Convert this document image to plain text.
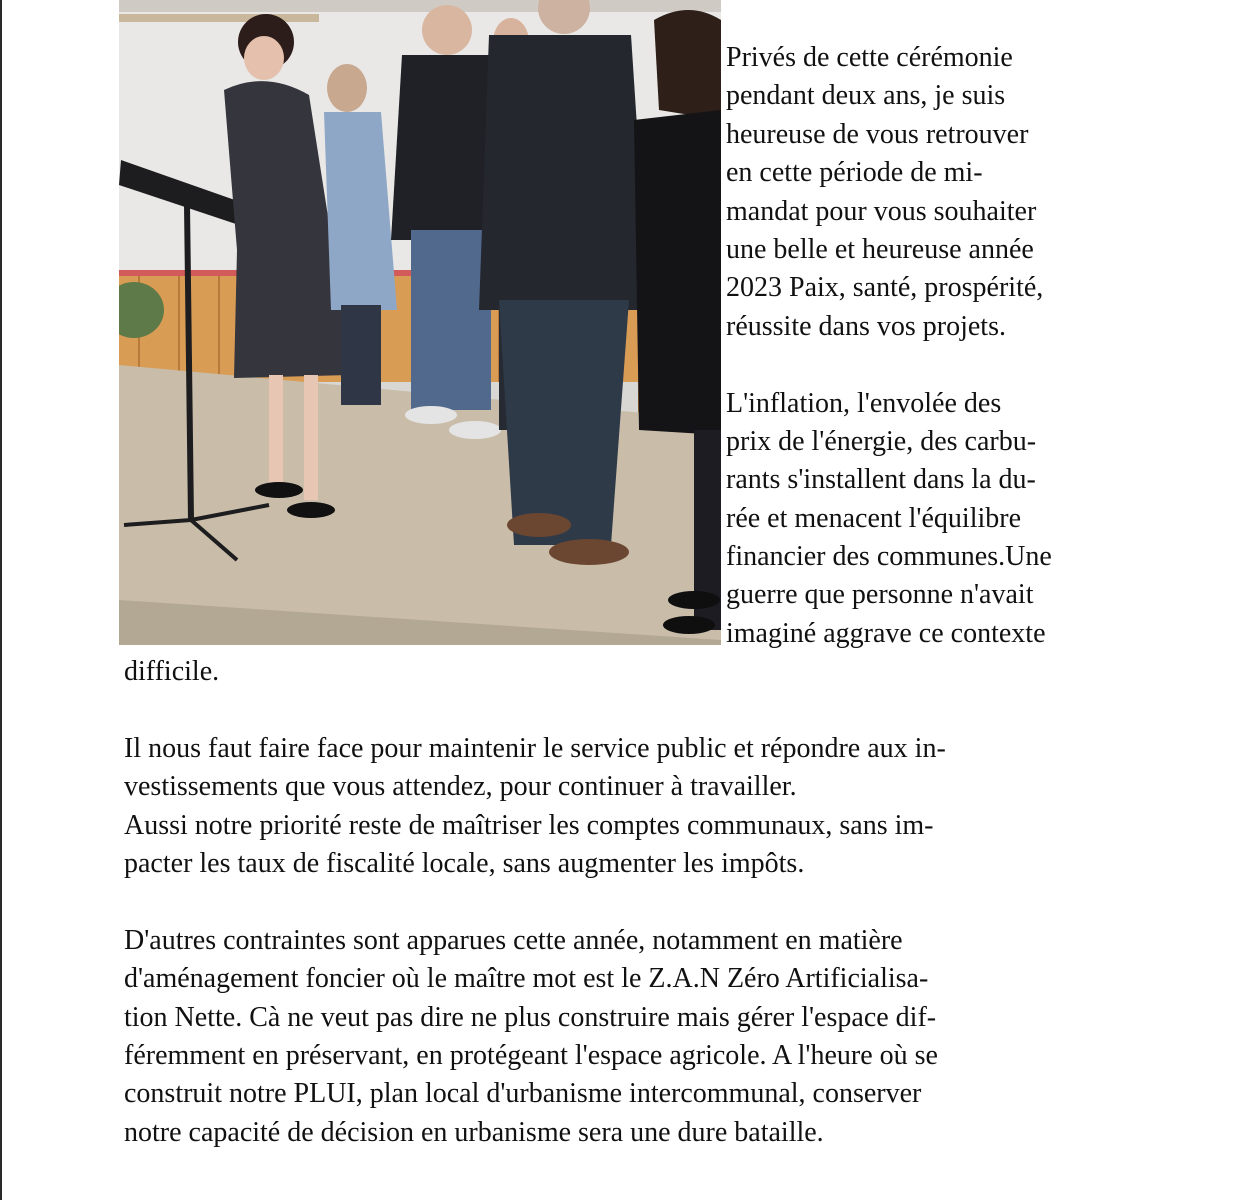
Privés de cette cérémonie
pendant deux ans, je suis
heureuse de vous retrouver
en cette période de mi-
mandat pour vous souhaiter
une belle et heureuse année
2023 Paix, santé, prospérité,
réussite dans vos projets.
L'inflation, l'envolée des
prix de l'énergie, des carbu-
rants s'installent dans la du-
rée et menacent l'équilibre
financier des communes.Une
guerre que personne n'avait
imaginé aggrave ce contexte
difficile.
Il nous faut faire face pour maintenir le service public et répondre aux in-
vestissements que vous attendez, pour continuer à travailler.
Aussi notre priorité reste de maîtriser les comptes communaux, sans im-
pacter les taux de fiscalité locale, sans augmenter les impôts.
D'autres contraintes sont apparues cette année, notamment en matière
d'aménagement foncier où le maître mot est le Z.A.N Zéro Artificialisa-
tion Nette. Cà ne veut pas dire ne plus construire mais gérer l'espace dif-
féremment en préservant, en protégeant l'espace agricole. A l'heure où se
construit notre PLUI, plan local d'urbanisme intercommunal, conserver
notre capacité de décision en urbanisme sera une dure bataille.
